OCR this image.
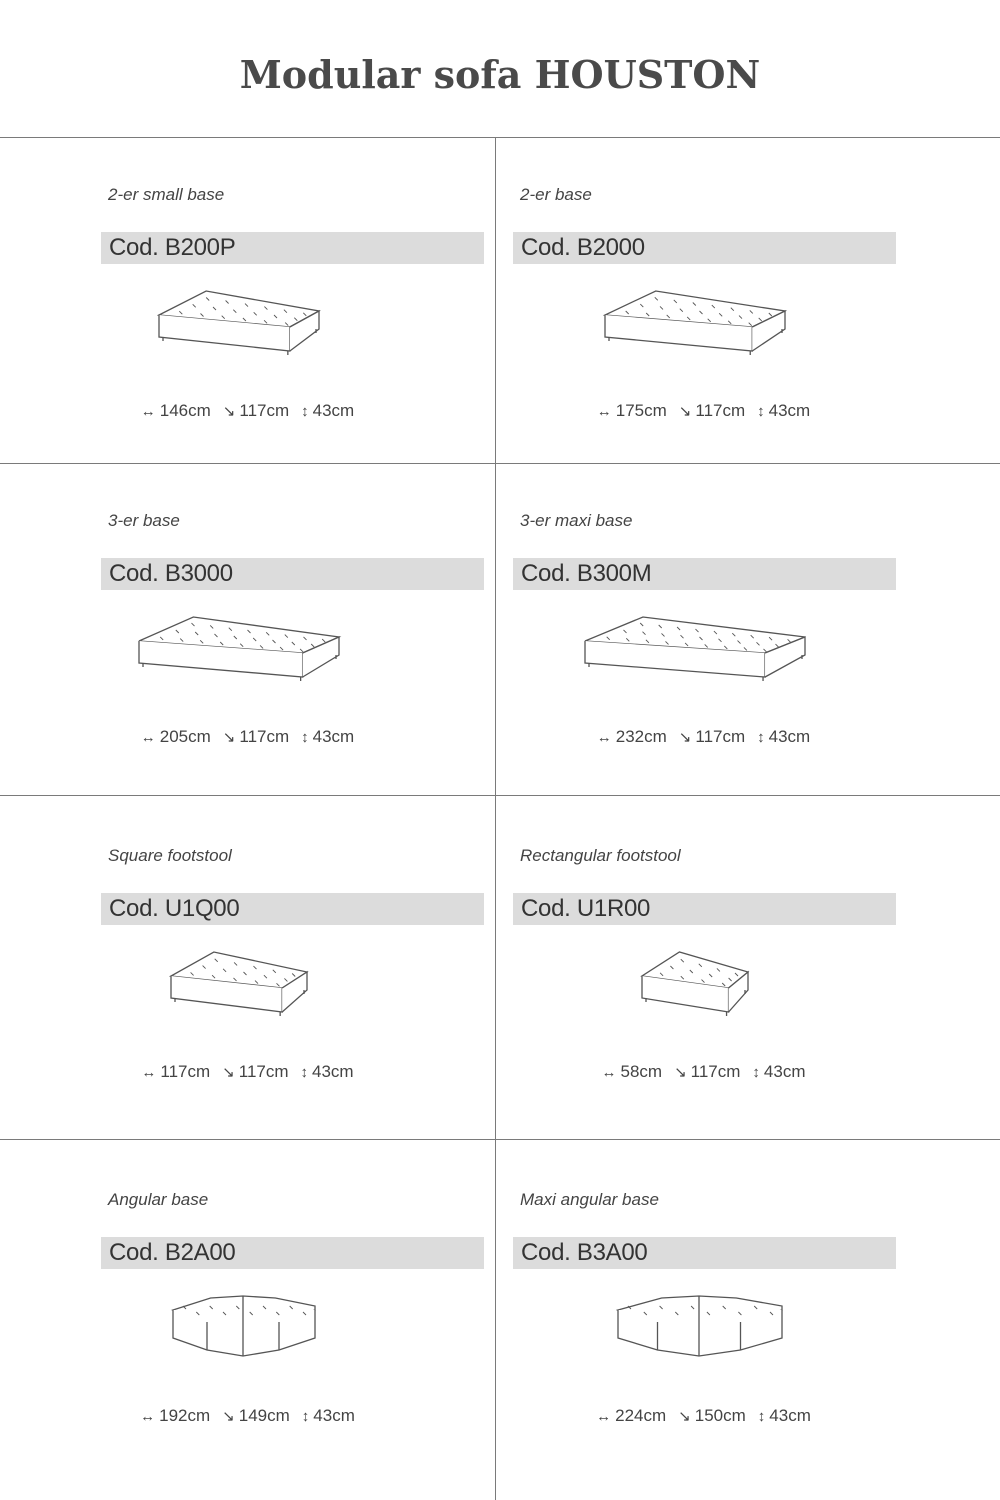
Modular sofa HOUSTON
2-er small base
Cod. B200P
↔ 146cm ↘ 117cm ↕ 43cm
2-er base
Cod. B2000
↔ 175cm ↘ 117cm ↕ 43cm
3-er base
Cod. B3000
↔ 205cm ↘ 117cm ↕ 43cm
3-er maxi base
Cod. B300M
↔ 232cm ↘ 117cm ↕ 43cm
Square footstool
Cod. U1Q00
↔ 117cm ↘ 117cm ↕ 43cm
Rectangular footstool
Cod. U1R00
↔ 58cm ↘ 117cm ↕ 43cm
Angular base
Cod. B2A00
↔ 192cm ↘ 149cm ↕ 43cm
Maxi angular base
Cod. B3A00
↔ 224cm ↘ 150cm ↕ 43cm
